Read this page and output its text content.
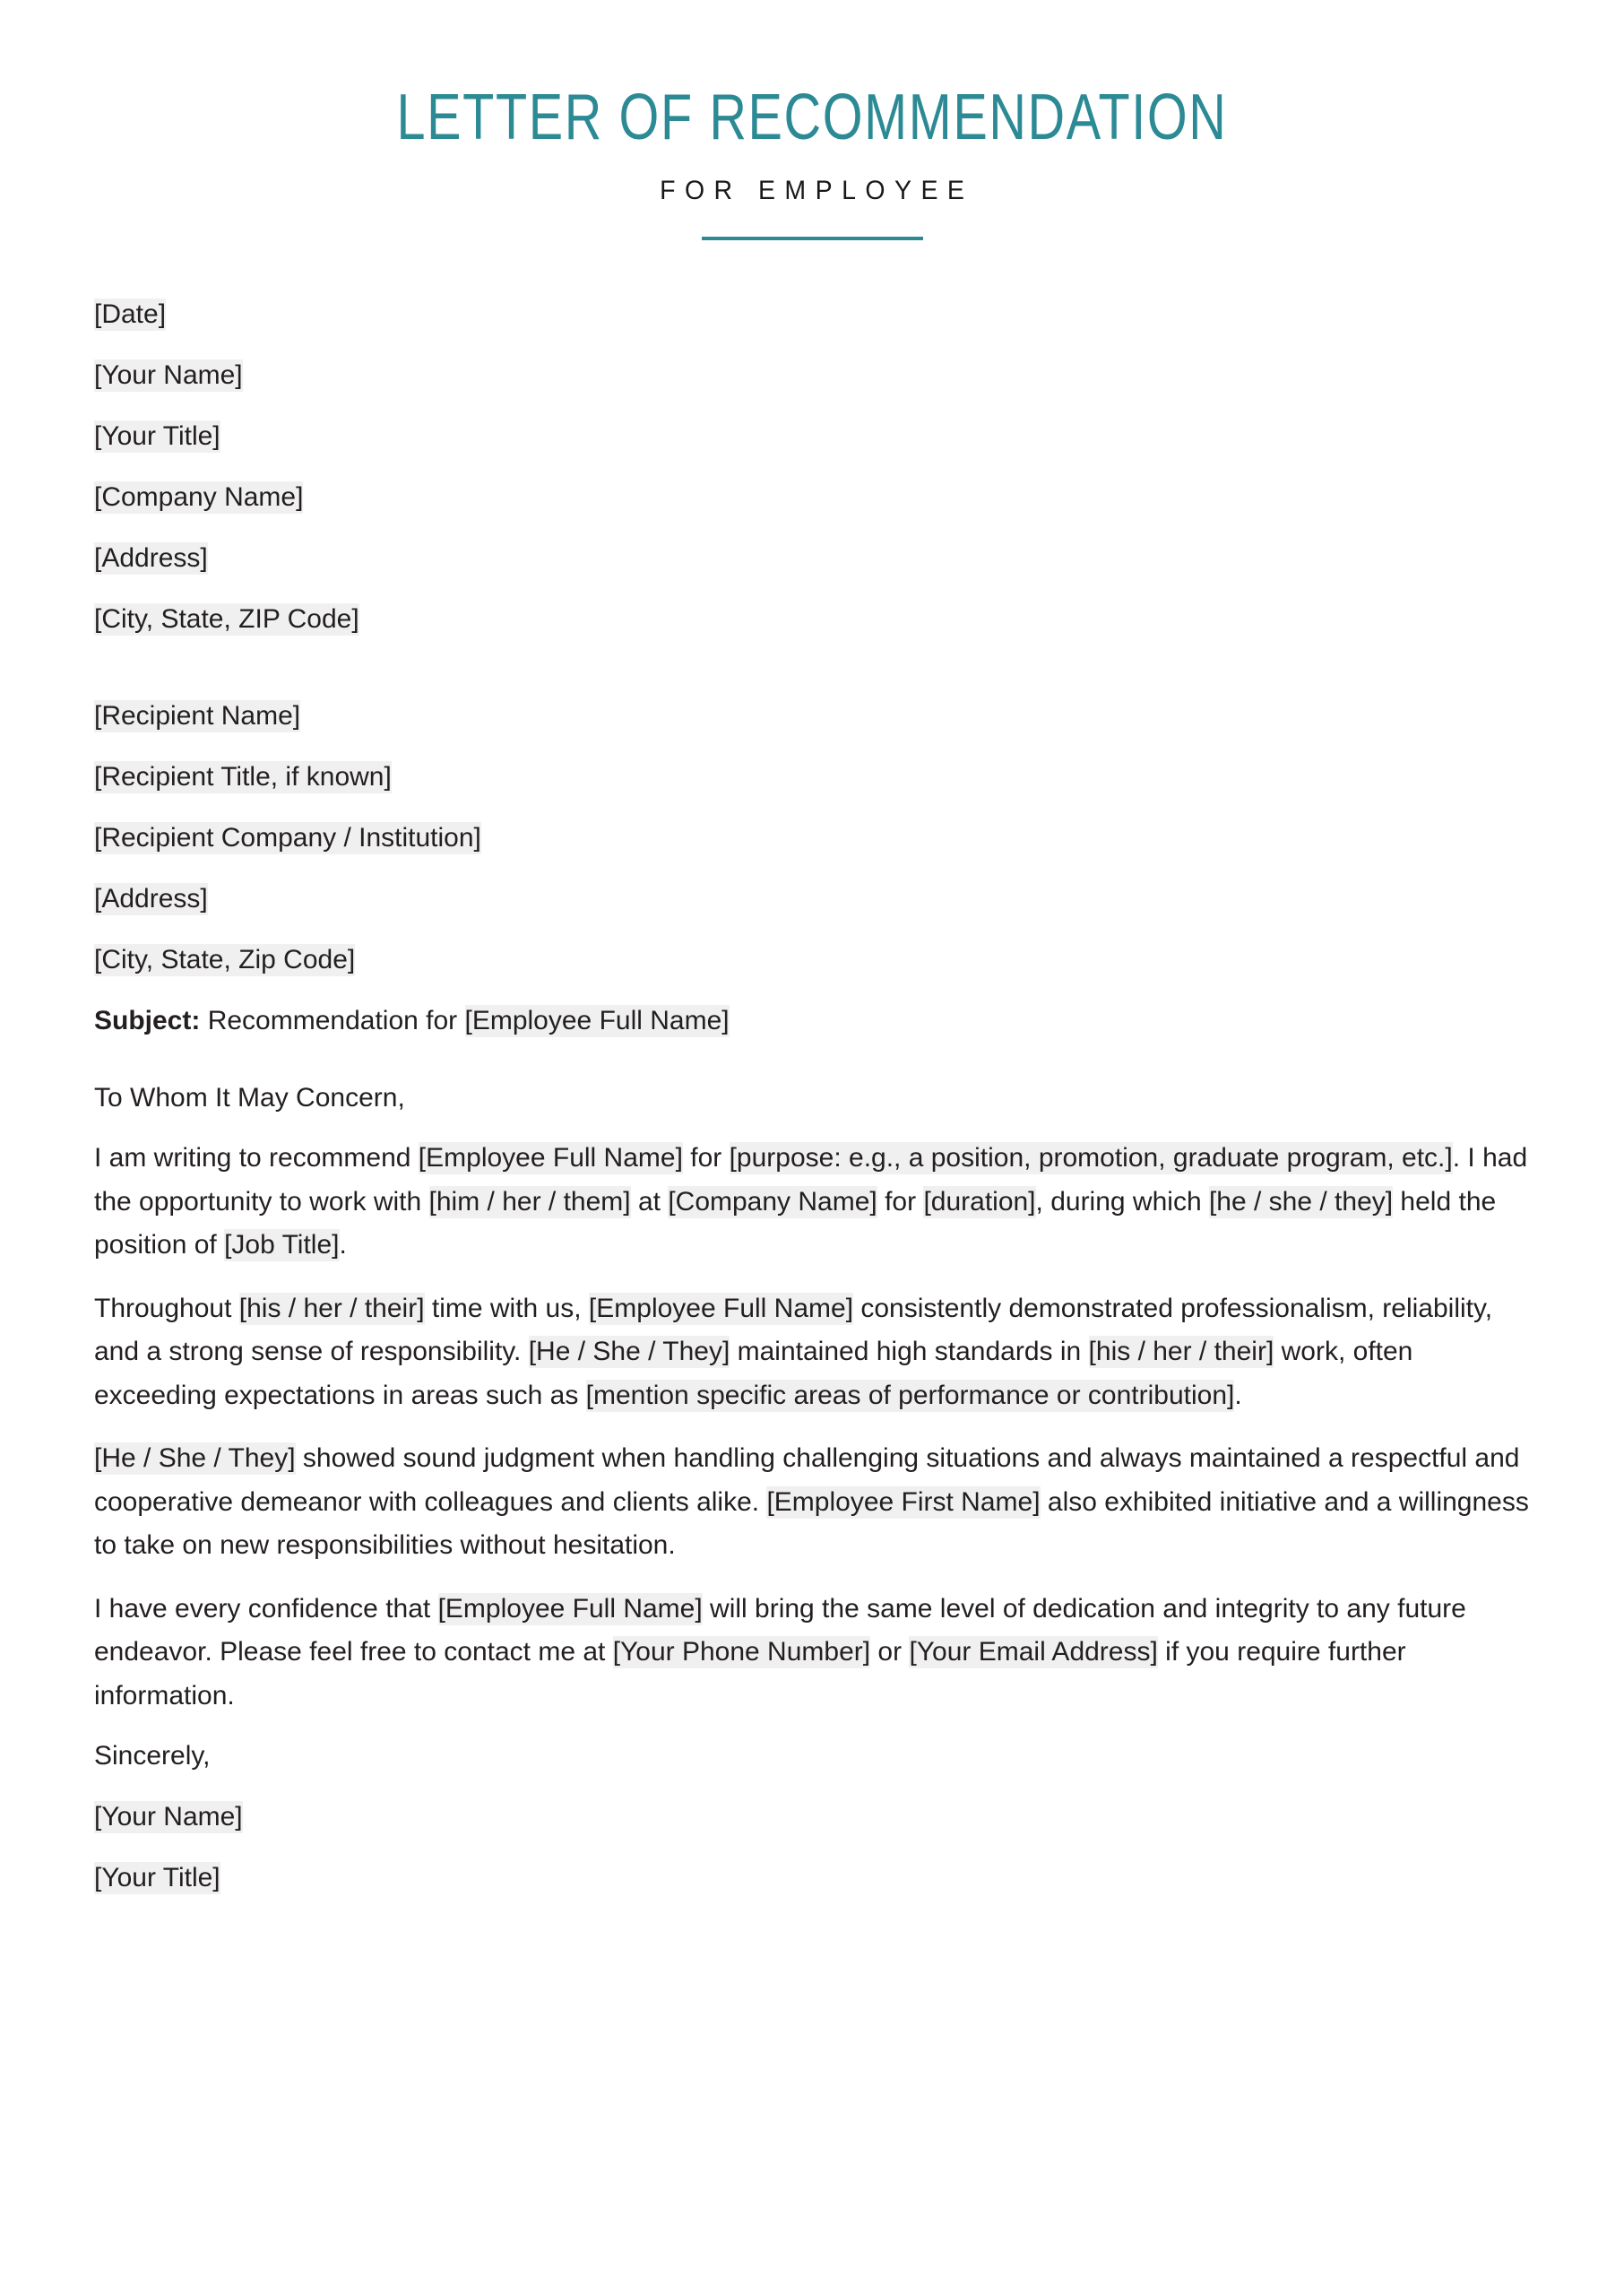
LETTER OF RECOMMENDATION
FOR EMPLOYEE
[Date]
[Your Name]
[Your Title]
[Company Name]
[Address]
[City, State, ZIP Code]
[Recipient Name]
[Recipient Title, if known]
[Recipient Company / Institution]
[Address]
[City, State, Zip Code]
Subject: Recommendation for [Employee Full Name]
To Whom It May Concern,

I am writing to recommend [Employee Full Name] for [purpose: e.g., a position, promotion, graduate program, etc.]. I had the opportunity to work with [him / her / them] at [Company Name] for [duration], during which [he / she / they] held the position of [Job Title].

Throughout [his / her / their] time with us, [Employee Full Name] consistently demonstrated professionalism, reliability, and a strong sense of responsibility. [He / She / They] maintained high standards in [his / her / their] work, often exceeding expectations in areas such as [mention specific areas of performance or contribution].

[He / She / They] showed sound judgment when handling challenging situations and always maintained a respectful and cooperative demeanor with colleagues and clients alike. [Employee First Name] also exhibited initiative and a willingness to take on new responsibilities without hesitation.

I have every confidence that [Employee Full Name] will bring the same level of dedication and integrity to any future endeavor. Please feel free to contact me at [Your Phone Number] or [Your Email Address] if you require further information.

Sincerely,
[Your Name]
[Your Title]
